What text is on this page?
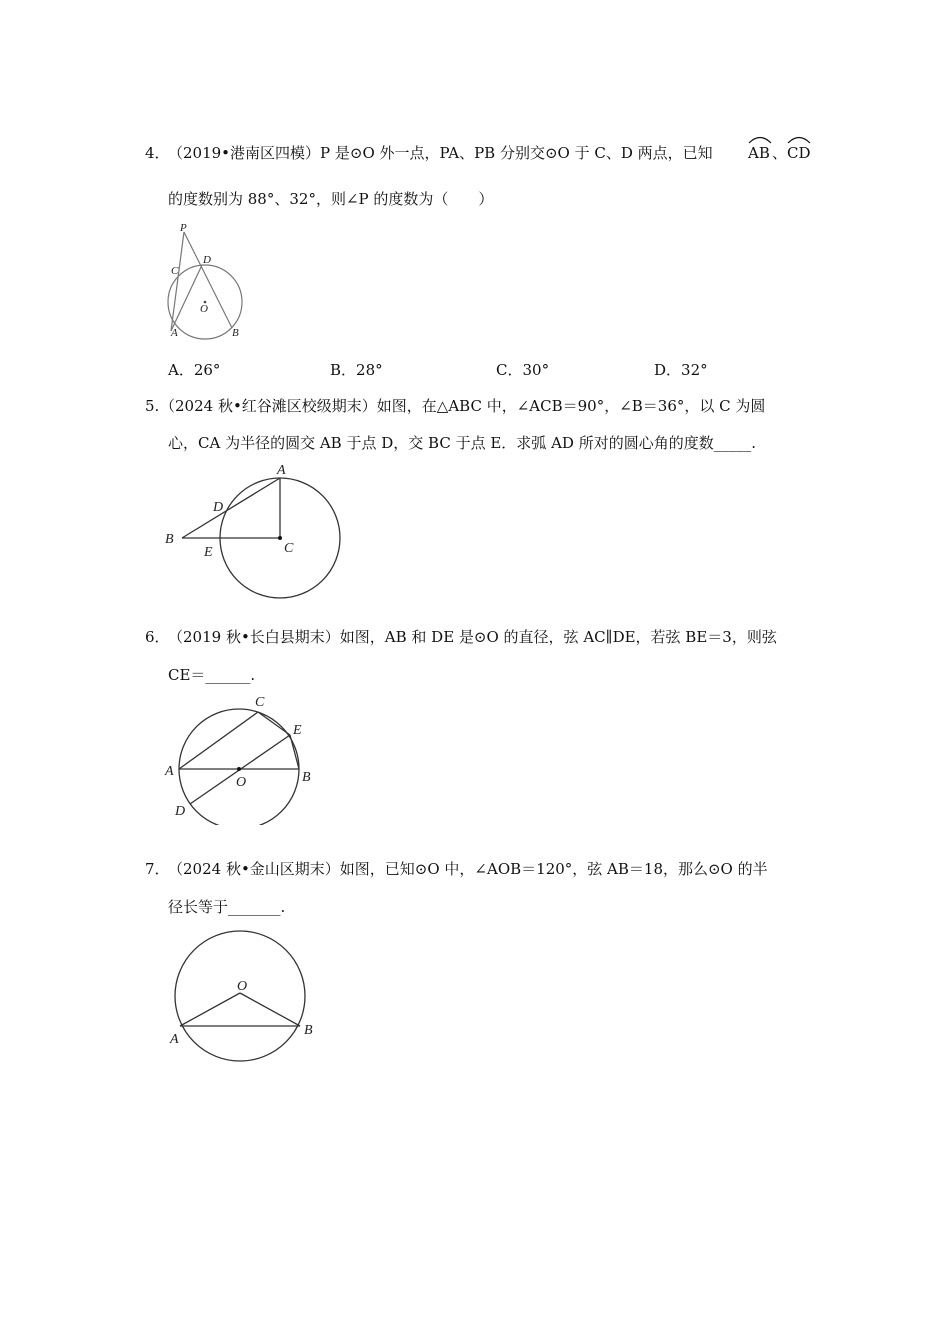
4．
（2019•港南区四模）P 是⊙O 外一点，PA、PB 分别交⊙O 于 C、D 两点，已知 AB 、 CD
的度数别为 88°、32°，则∠P 的度数为（　　）
P
C
D
O
A	B
A．26°	B．28°	C．30°	D．32°
5. （2024 秋•红谷滩区校级期末）如图，在△ABC 中，∠ACB＝90°，∠B＝36°，以 C 为圆
心，CA 为半径的圆交 AB 于点 D，交 BC 于点 E．求弧 AD 所对的圆心角的度数_____.
A
D
B
E	C
6．
（2019 秋•长白县期末）如图，AB 和 DE 是⊙O 的直径，弦 AC∥DE，若弦 BE＝3，则弦
CE＝______.
C
E
A
O	B
D
7．
（2024 秋•金山区期末）如图，已知⊙O 中，∠AOB＝120°，弦 AB＝18，那么⊙O 的半
径长等于_______.
O
A
B
